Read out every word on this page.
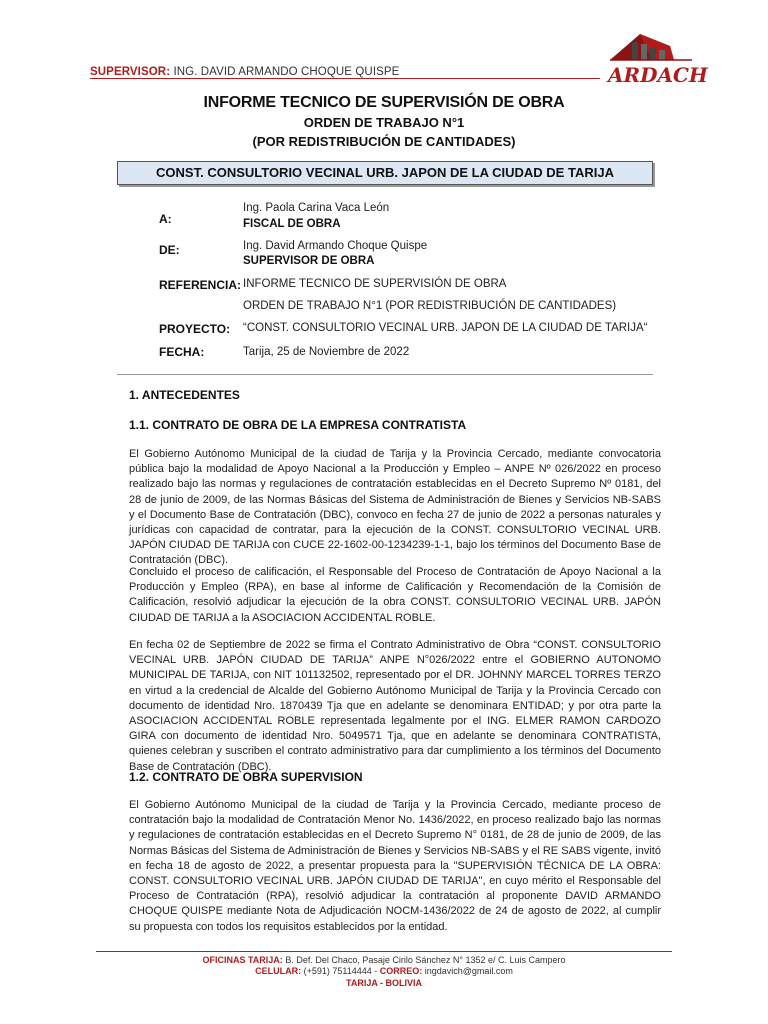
SUPERVISOR: ING. DAVID ARMANDO CHOQUE QUISPE	ARDACH
INFORME TECNICO DE SUPERVISIÓN DE OBRA
ORDEN DE TRABAJO N°1
(POR REDISTRIBUCIÓN DE CANTIDADES)
CONST. CONSULTORIO VECINAL URB. JAPON DE LA CIUDAD DE TARIJA
A:
Ing. Paola Carina Vaca León
FISCAL DE OBRA
DE:	Ing. David Armando Choque Quispe
SUPERVISOR DE OBRA
REFERENCIA: INFORME TECNICO DE SUPERVISIÓN DE OBRA
ORDEN DE TRABAJO N°1 (POR REDISTRIBUCIÓN DE CANTIDADES)
PROYECTO: “CONST. CONSULTORIO VECINAL URB. JAPON DE LA CIUDAD DE TARIJA“
FECHA:	Tarija, 25 de Noviembre de 2022
1. ANTECEDENTES
1.1. CONTRATO DE OBRA DE LA EMPRESA CONTRATISTA
El Gobierno Autónomo Municipal de la ciudad de Tarija y la Provincia Cercado, mediante convocatoria pública bajo la modalidad de Apoyo Nacional a la Producción y Empleo – ANPE Nº 026/2022 en proceso realizado bajo las normas y regulaciones de contratación establecidas en el Decreto Supremo Nº 0181, del 28 de junio de 2009, de las Normas Básicas del Sistema de Administración de Bienes y Servicios NB-SABS y el Documento Base de Contratación (DBC), convoco en fecha 27 de junio de 2022 a personas naturales y jurídicas con capacidad de contratar, para la ejecución de la CONST. CONSULTORIO VECINAL URB. JAPÓN CIUDAD DE TARIJA con CUCE 22-1602-00-1234239-1-1, bajo los términos del Documento Base de Contratación (DBC).
Concluido el proceso de calificación, el Responsable del Proceso de Contratación de Apoyo Nacional a la Producción y Empleo (RPA), en base al informe de Calificación y Recomendación de la Comisión de Calificación, resolvió adjudicar la ejecución de la obra CONST. CONSULTORIO VECINAL URB. JAPÓN CIUDAD DE TARIJA a la ASOCIACION ACCIDENTAL ROBLE.
En fecha 02 de Septiembre de 2022 se firma el Contrato Administrativo de Obra “CONST. CONSULTORIO VECINAL URB. JAPÓN CIUDAD DE TARIJA” ANPE N°026/2022 entre el GOBIERNO AUTONOMO MUNICIPAL DE TARIJA, con NIT 101132502, representado por el DR. JOHNNY MARCEL TORRES TERZO en virtud a la credencial de Alcalde del Gobierno Autónomo Municipal de Tarija y la Provincia Cercado con documento de identidad Nro. 1870439 Tja que en adelante se denominara ENTIDAD; y por otra parte la ASOCIACION ACCIDENTAL ROBLE representada legalmente por el ING. ELMER RAMON CARDOZO GIRA con documento de identidad Nro. 5049571 Tja, que en adelante se denominara CONTRATISTA, quienes celebran y suscriben el contrato administrativo para dar cumplimiento a los términos del Documento Base de Contratación (DBC).
1.2. CONTRATO DE OBRA SUPERVISION
El Gobierno Autónomo Municipal de la ciudad de Tarija y la Provincia Cercado, mediante proceso de contratación bajo la modalidad de Contratación Menor No. 1436/2022, en proceso realizado bajo las normas y regulaciones de contratación establecidas en el Decreto Supremo N° 0181, de 28 de junio de 2009, de las Normas Básicas del Sistema de Administración de Bienes y Servicios NB-SABS y el RE SABS vigente, invitó en fecha 18 de agosto de 2022, a presentar propuesta para la "SUPERVISIÓN TÉCNICA DE LA OBRA: CONST. CONSULTORIO VECINAL URB. JAPÓN CIUDAD DE TARIJA", en cuyo mérito el Responsable del Proceso de Contratación (RPA), resolvió adjudicar la contratación al proponente DAVID ARMANDO CHOQUE QUISPE mediante Nota de Adjudicación NOCM-1436/2022 de 24 de agosto de 2022, al cumplir su propuesta con todos los requisitos establecidos por la entidad.
OFICINAS TARIJA: B. Def. Del Chaco, Pasaje Cirilo Sánchez N° 1352 e/ C. Luis Campero
CELULAR: (+591) 75114444 - CORREO: ingdavich@gmail.com
TARIJA - BOLIVIA
